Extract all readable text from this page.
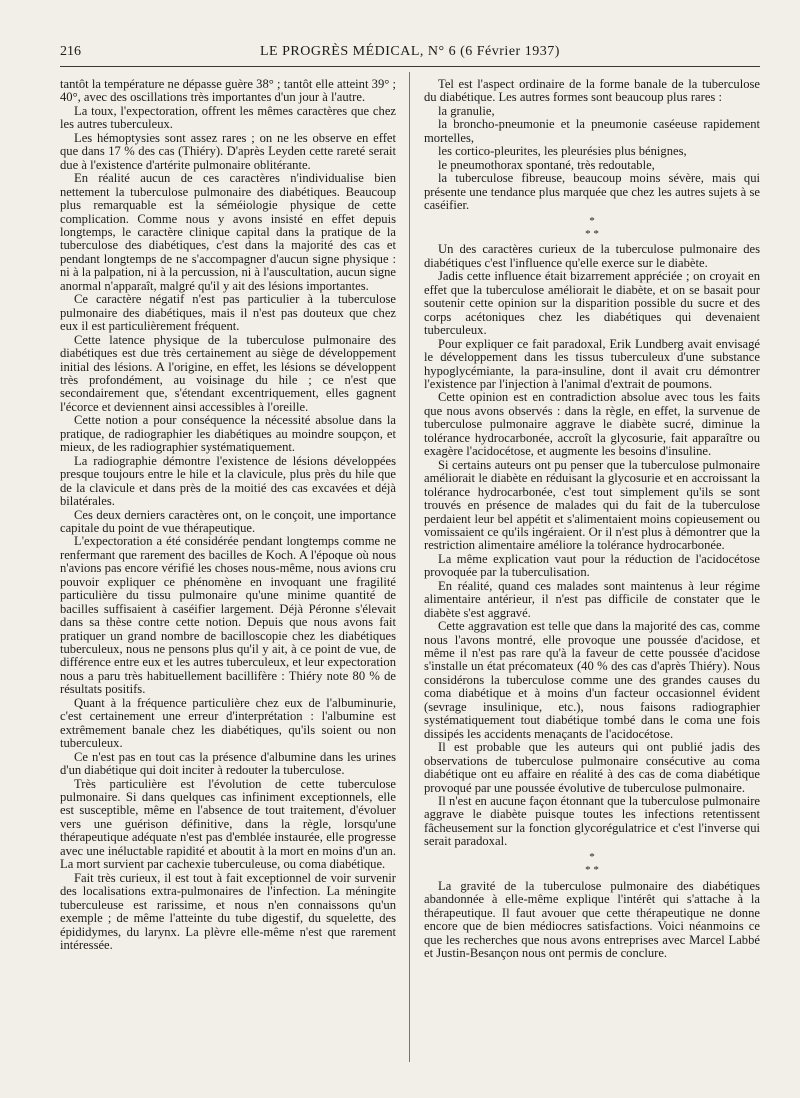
216	LE PROGRÈS MÉDICAL, N° 6 (6 Février 1937)

tantôt la température ne dépasse guère 38° ; tantôt elle atteint 39° ; 40°, avec des oscillations très importantes d'un jour à l'autre.

La toux, l'expectoration, offrent les mêmes caractères que chez les autres tuberculeux.

Les hémoptysies sont assez rares ; on ne les observe en effet que dans 17 % des cas (Thiéry). D'après Leyden cette rareté serait due à l'existence d'artérite pulmonaire oblitérante.

En réalité aucun de ces caractères n'individualise bien nettement la tuberculose pulmonaire des diabétiques. Beaucoup plus remarquable est la séméiologie physique de cette complication. Comme nous y avons insisté en effet depuis longtemps, le caractère clinique capital dans la pratique de la tuberculose des diabétiques, c'est dans la majorité des cas et pendant longtemps de ne s'accompagner d'aucun signe physique : ni à la palpation, ni à la percussion, ni à l'auscultation, aucun signe anormal n'apparaît, malgré qu'il y ait des lésions importantes.

Ce caractère négatif n'est pas particulier à la tuberculose pulmonaire des diabétiques, mais il n'est pas douteux que chez eux il est particulièrement fréquent.

Cette latence physique de la tuberculose pulmonaire des diabétiques est due très certainement au siège de développement initial des lésions. A l'origine, en effet, les lésions se développent très profondément, au voisinage du hile ; ce n'est que secondairement que, s'étendant excentriquement, elles gagnent l'écorce et deviennent ainsi accessibles à l'oreille.

Cette notion a pour conséquence la nécessité absolue dans la pratique, de radiographier les diabétiques au moindre soupçon, et mieux, de les radiographier systématiquement.

La radiographie démontre l'existence de lésions développées presque toujours entre le hile et la clavicule, plus près du hile que de la clavicule et dans près de la moitié des cas excavées et déjà bilatérales.

Ces deux derniers caractères ont, on le conçoit, une importance capitale du point de vue thérapeutique.

L'expectoration a été considérée pendant longtemps comme ne renfermant que rarement des bacilles de Koch. A l'époque où nous n'avions pas encore vérifié les choses nous-même, nous avions cru pouvoir expliquer ce phénomène en invoquant une fragilité particulière du tissu pulmonaire qu'une minime quantité de bacilles suffisaient à caséifier largement. Déjà Péronne s'élevait dans sa thèse contre cette notion. Depuis que nous avons fait pratiquer un grand nombre de bacilloscopie chez les diabétiques tuberculeux, nous ne pensons plus qu'il y ait, à ce point de vue, de différence entre eux et les autres tuberculeux, et leur expectoration nous a paru très habituellement bacillifère : Thiéry note 80 % de résultats positifs.

Quant à la fréquence particulière chez eux de l'albuminurie, c'est certainement une erreur d'interprétation : l'albumine est extrêmement banale chez les diabétiques, qu'ils soient ou non tuberculeux.

Ce n'est pas en tout cas la présence d'albumine dans les urines d'un diabétique qui doit inciter à redouter la tuberculose.

Très particulière est l'évolution de cette tuberculose pulmonaire. Si dans quelques cas infiniment exceptionnels, elle est susceptible, même en l'absence de tout traitement, d'évoluer vers une guérison définitive, dans la règle, lorsqu'une thérapeutique adéquate n'est pas d'emblée instaurée, elle progresse avec une inéluctable rapidité et aboutit à la mort en moins d'un an. La mort survient par cachexie tuberculeuse, ou coma diabétique.

Fait très curieux, il est tout à fait exceptionnel de voir survenir des localisations extra-pulmonaires de l'infection. La méningite tuberculeuse est rarissime, et nous n'en connaissons qu'un exemple ; de même l'atteinte du tube digestif, du squelette, des épididymes, du larynx. La plèvre elle-même n'est que rarement intéressée.

Tel est l'aspect ordinaire de la forme banale de la tuberculose du diabétique. Les autres formes sont beaucoup plus rares :

la granulie,

la broncho-pneumonie et la pneumonie caséeuse rapidement mortelles,

les cortico-pleurites, les pleurésies plus bénignes,

le pneumothorax spontané, très redoutable,

la tuberculose fibreuse, beaucoup moins sévère, mais qui présente une tendance plus marquée que chez les autres sujets à se caséifier.

*
* *

Un des caractères curieux de la tuberculose pulmonaire des diabétiques c'est l'influence qu'elle exerce sur le diabète.

Jadis cette influence était bizarrement appréciée ; on croyait en effet que la tuberculose améliorait le diabète, et on se basait pour soutenir cette opinion sur la disparition possible du sucre et des corps acétoniques chez les diabétiques qui devenaient tuberculeux.

Pour expliquer ce fait paradoxal, Erik Lundberg avait envisagé le développement dans les tissus tuberculeux d'une substance hypoglycémiante, la para-insuline, dont il avait cru démontrer l'existence par l'injection à l'animal d'extrait de poumons.

Cette opinion est en contradiction absolue avec tous les faits que nous avons observés : dans la règle, en effet, la survenue de tuberculose pulmonaire aggrave le diabète sucré, diminue la tolérance hydrocarbonée, accroît la glycosurie, fait apparaître ou exagère l'acidocétose, et augmente les besoins d'insuline.

Si certains auteurs ont pu penser que la tuberculose pulmonaire améliorait le diabète en réduisant la glycosurie et en accroissant la tolérance hydrocarbonée, c'est tout simplement qu'ils se sont trouvés en présence de malades qui du fait de la tuberculose perdaient leur bel appétit et s'alimentaient moins copieusement ou vomissaient ce qu'ils ingéraient. Or il n'est plus à démontrer que la restriction alimentaire améliore la tolérance hydrocarbonée.

La même explication vaut pour la réduction de l'acidocétose provoquée par la tuberculisation.

En réalité, quand ces malades sont maintenus à leur régime alimentaire antérieur, il n'est pas difficile de constater que le diabète s'est aggravé.

Cette aggravation est telle que dans la majorité des cas, comme nous l'avons montré, elle provoque une poussée d'acidose, et même il n'est pas rare qu'à la faveur de cette poussée d'acidose s'installe un état précomateux (40 % des cas d'après Thiéry). Nous considérons la tuberculose comme une des grandes causes du coma diabétique et à moins d'un facteur occasionnel évident (sevrage insulinique, etc.), nous faisons radiographier systématiquement tout diabétique tombé dans le coma une fois dissipés les accidents menaçants de l'acidocétose.

Il est probable que les auteurs qui ont publié jadis des observations de tuberculose pulmonaire consécutive au coma diabétique ont eu affaire en réalité à des cas de coma diabétique provoqué par une poussée évolutive de tuberculose pulmonaire.

Il n'est en aucune façon étonnant que la tuberculose pulmonaire aggrave le diabète puisque toutes les infections retentissent fâcheusement sur la fonction glycorégulatrice et c'est l'inverse qui serait paradoxal.

*
* *

La gravité de la tuberculose pulmonaire des diabétiques abandonnée à elle-même explique l'intérêt qui s'attache à la thérapeutique. Il faut avouer que cette thérapeutique ne donne encore que de bien médiocres satisfactions. Voici néanmoins ce que les recherches que nous avons entreprises avec Marcel Labbé et Justin-Besançon nous ont permis de conclure.
